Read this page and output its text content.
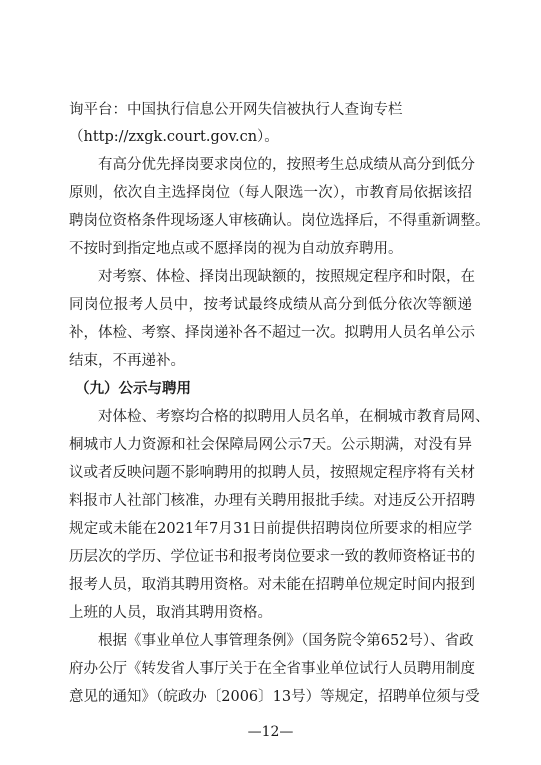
询平台：中国执行信息公开网失信被执行人查询专栏
（http://zxgk.court.gov.cn）。
有高分优先择岗要求岗位的，按照考生总成绩从高分到低分
原则，依次自主选择岗位（每人限选一次），市教育局依据该招
聘岗位资格条件现场逐人审核确认。岗位选择后，不得重新调整。
不按时到指定地点或不愿择岗的视为自动放弃聘用。
对考察、体检、择岗出现缺额的，按照规定程序和时限，在
同岗位报考人员中，按考试最终成绩从高分到低分依次等额递
补，体检、考察、择岗递补各不超过一次。拟聘用人员名单公示
结束，不再递补。
（九）公示与聘用
对体检、考察均合格的拟聘用人员名单，在桐城市教育局网、
桐城市人力资源和社会保障局网公示7天。公示期满，对没有异
议或者反映问题不影响聘用的拟聘人员，按照规定程序将有关材
料报市人社部门核准，办理有关聘用报批手续。对违反公开招聘
规定或未能在2021年7月31日前提供招聘岗位所要求的相应学
历层次的学历、学位证书和报考岗位要求一致的教师资格证书的
报考人员，取消其聘用资格。对未能在招聘单位规定时间内报到
上班的人员，取消其聘用资格。
根据《事业单位人事管理条例》（国务院令第652号）、省政
府办公厅《转发省人事厅关于在全省事业单位试行人员聘用制度
意见的通知》（皖政办〔2006〕13号）等规定，招聘单位须与受
—12—
